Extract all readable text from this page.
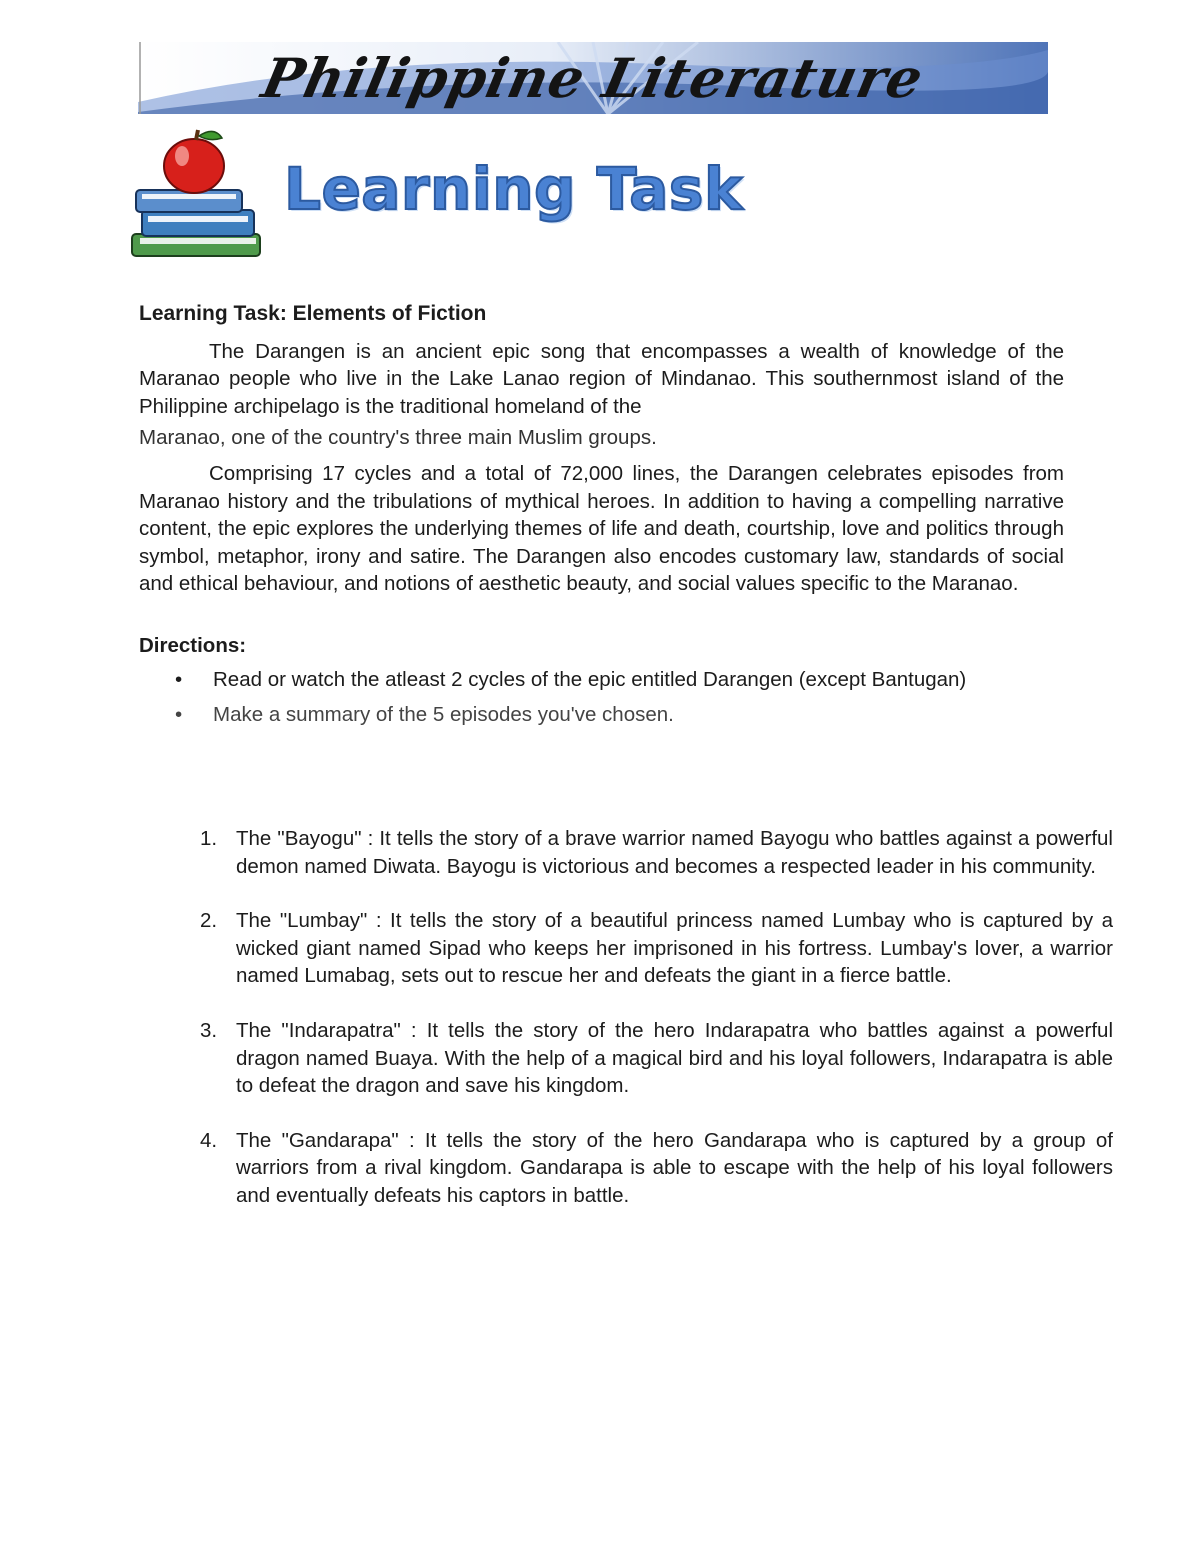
Philippine Literature
Learning Task

Learning Task: Elements of Fiction

The Darangen is an ancient epic song that encompasses a wealth of knowledge of the Maranao people who live in the Lake Lanao region of Mindanao. This southernmost island of the Philippine archipelago is the traditional homeland of the

Maranao, one of the country's three main Muslim groups.

Comprising 17 cycles and a total of 72,000 lines, the Darangen celebrates episodes from Maranao history and the tribulations of mythical heroes. In addition to having a compelling narrative content, the epic explores the underlying themes of life and death, courtship, love and politics through symbol, metaphor, irony and satire. The Darangen also encodes customary law, standards of social and ethical behaviour, and notions of aesthetic beauty, and social values specific to the Maranao.

Directions:

• Read or watch the atleast 2 cycles of the epic entitled Darangen (except Bantugan)
• Make a summary of the 5 episodes you've chosen.
1. The "Bayogu" : It tells the story of a brave warrior named Bayogu who battles against a powerful demon named Diwata. Bayogu is victorious and becomes a respected leader in his community.
2. The "Lumbay" : It tells the story of a beautiful princess named Lumbay who is captured by a wicked giant named Sipad who keeps her imprisoned in his fortress. Lumbay's lover, a warrior named Lumabag, sets out to rescue her and defeats the giant in a fierce battle.
3. The "Indarapatra" : It tells the story of the hero Indarapatra who battles against a powerful dragon named Buaya. With the help of a magical bird and his loyal followers, Indarapatra is able to defeat the dragon and save his kingdom.
4. The "Gandarapa" : It tells the story of the hero Gandarapa who is captured by a group of warriors from a rival kingdom. Gandarapa is able to escape with the help of his loyal followers and eventually defeats his captors in battle.
